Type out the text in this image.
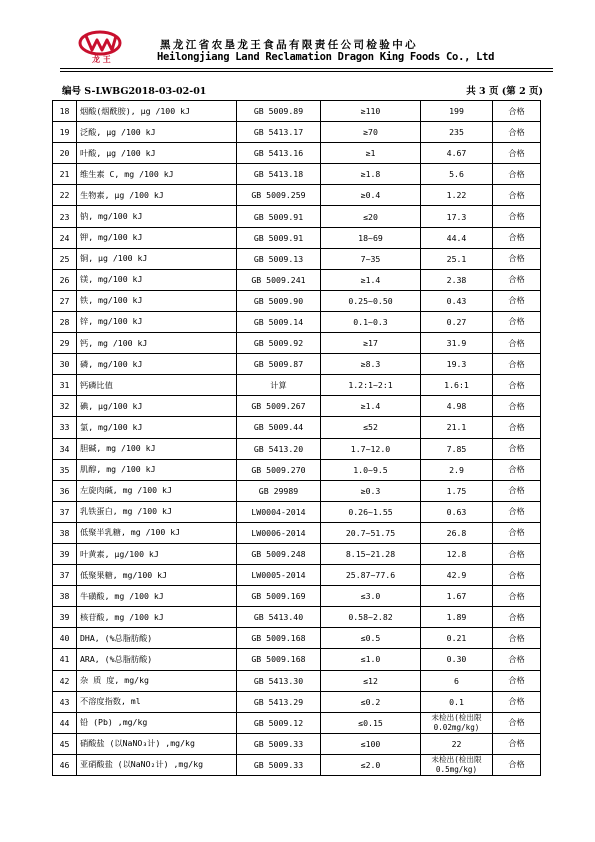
龙 王
黑龙江省农垦龙王食品有限责任公司检验中心
Heilongjiang Land Reclamation Dragon King Foods Co., Ltd
编号 S-LWBG2018-03-02-01	共 3 页 (第 2 页)
18	烟酸(烟酰胺), μg /100 kJ	GB 5009.89	≥110	199	合格
19	泛酸, μg /100 kJ	GB 5413.17	≥70	235	合格
20	叶酸, μg /100 kJ	GB 5413.16	≥1	4.67	合格
21	维生素 C, mg /100 kJ	GB 5413.18	≥1.8	5.6	合格
22	生物素, μg /100 kJ	GB 5009.259	≥0.4	1.22	合格
23	钠, mg/100 kJ	GB 5009.91	≤20	17.3	合格
24	钾, mg/100 kJ	GB 5009.91	18~69	44.4	合格
25	铜, μg /100 kJ	GB 5009.13	7~35	25.1	合格
26	镁, mg/100 kJ	GB 5009.241	≥1.4	2.38	合格
27	铁, mg/100 kJ	GB 5009.90	0.25~0.50	0.43	合格
28	锌, mg/100 kJ	GB 5009.14	0.1~0.3	0.27	合格
29	钙, mg /100 kJ	GB 5009.92	≥17	31.9	合格
30	磷, mg/100 kJ	GB 5009.87	≥8.3	19.3	合格
31	钙磷比值	计算	1.2:1~2:1	1.6:1	合格
32	碘, μg/100 kJ	GB 5009.267	≥1.4	4.98	合格
33	氯, mg/100 kJ	GB 5009.44	≤52	21.1	合格
34	胆碱, mg /100 kJ	GB 5413.20	1.7~12.0	7.85	合格
35	肌醇, mg /100 kJ	GB 5009.270	1.0~9.5	2.9	合格
36	左旋肉碱, mg /100 kJ	GB 29989	≥0.3	1.75	合格
37	乳铁蛋白, mg /100 kJ	LW0004-2014	0.26~1.55	0.63	合格
38	低聚半乳糖, mg /100 kJ	LW0006-2014	20.7~51.75	26.8	合格
39	叶黄素, μg/100 kJ	GB 5009.248	8.15~21.28	12.8	合格
37	低聚果糖, mg/100 kJ	LW0005-2014	25.87~77.6	42.9	合格
38	牛磺酸, mg /100 kJ	GB 5009.169	≤3.0	1.67	合格
39	核苷酸, mg /100 kJ	GB 5413.40	0.58~2.82	1.89	合格
40	DHA, (%总脂肪酸)	GB 5009.168	≤0.5	0.21	合格
41	ARA, (%总脂肪酸)	GB 5009.168	≤1.0	0.30	合格
42	杂 质 度, mg/kg	GB 5413.30	≤12	6	合格
43	不溶度指数, ml	GB 5413.29	≤0.2	0.1	合格
44	铅 (Pb) ,mg/kg	GB 5009.12	≤0.15	未检出(检出限 0.02mg/kg)	合格
45	硝酸盐 (以NaNO₃计) ,mg/kg	GB 5009.33	≤100	22	合格
46	亚硝酸盐 (以NaNO₂计) ,mg/kg	GB 5009.33	≤2.0	未检出(检出限 0.5mg/kg)	合格
